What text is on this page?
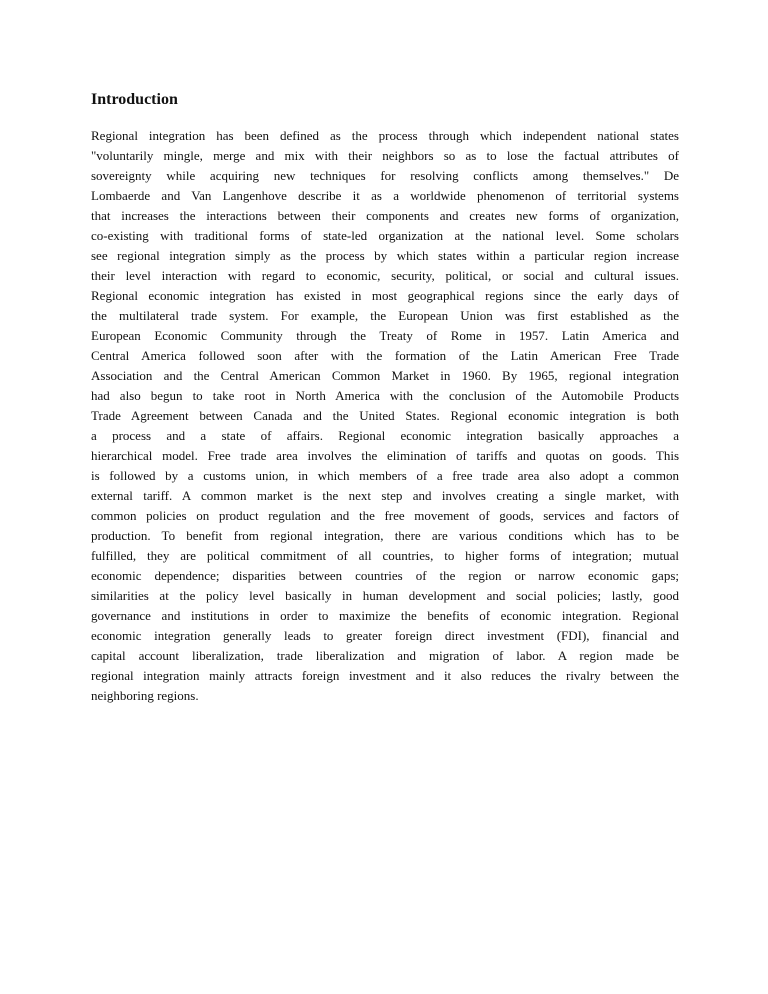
Introduction
Regional integration has been defined as the process through which independent national states
"voluntarily mingle, merge and mix with their neighbors so as to lose the factual attributes of
sovereignty while acquiring new techniques for resolving conflicts among themselves." De
Lombaerde and Van Langenhove describe it as a worldwide phenomenon of territorial systems
that increases the interactions between their components and creates new forms of organization,
co-existing with traditional forms of state-led organization at the national level. Some scholars
see regional integration simply as the process by which states within a particular region increase
their level interaction with regard to economic, security, political, or social and cultural issues.
Regional economic integration has existed in most geographical regions since the early days of
the multilateral trade system. For example, the European Union was first established as the
European Economic Community through the Treaty of Rome in 1957. Latin America and
Central America followed soon after with the formation of the Latin American Free Trade
Association and the Central American Common Market in 1960. By 1965, regional integration
had also begun to take root in North America with the conclusion of the Automobile Products
Trade Agreement between Canada and the United States. Regional economic integration is both
a process and a state of affairs. Regional economic integration basically approaches a
hierarchical model. Free trade area involves the elimination of tariffs and quotas on goods. This
is followed by a customs union, in which members of a free trade area also adopt a common
external tariff. A common market is the next step and involves creating a single market, with
common policies on product regulation and the free movement of goods, services and factors of
production. To benefit from regional integration, there are various conditions which has to be
fulfilled, they are political commitment of all countries, to higher forms of integration; mutual
economic dependence; disparities between countries of the region or narrow economic gaps;
similarities at the policy level basically in human development and social policies; lastly, good
governance and institutions in order to maximize the benefits of economic integration. Regional
economic integration generally leads to greater foreign direct investment (FDI), financial and
capital account liberalization, trade liberalization and migration of labor. A region made be
regional integration mainly attracts foreign investment and it also reduces the rivalry between the
neighboring regions.
